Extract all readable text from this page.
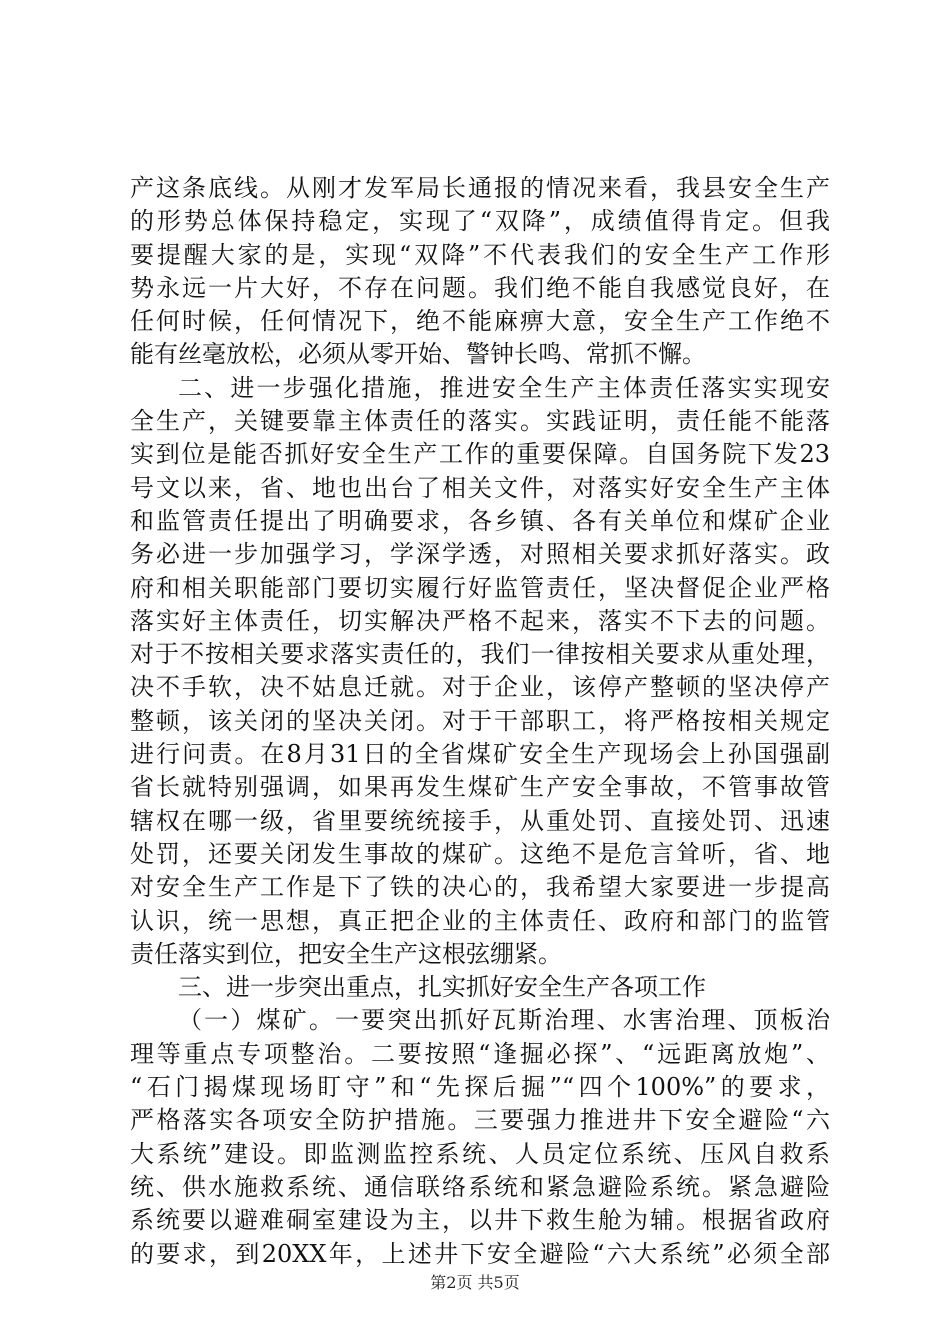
产这条底线。从刚才发军局长通报的情况来看，我县安全生产
的形势总体保持稳定，实现了“双降”，成绩值得肯定。但我
要提醒大家的是，实现“双降”不代表我们的安全生产工作形
势永远一片大好，不存在问题。我们绝不能自我感觉良好，在
任何时候，任何情况下，绝不能麻痹大意，安全生产工作绝不
能有丝毫放松，必须从零开始、警钟长鸣、常抓不懈。
二、进一步强化措施，推进安全生产主体责任落实实现安
全生产，关键要靠主体责任的落实。实践证明，责任能不能落
实到位是能否抓好安全生产工作的重要保障。自国务院下发23
号文以来，省、地也出台了相关文件，对落实好安全生产主体
和监管责任提出了明确要求，各乡镇、各有关单位和煤矿企业
务必进一步加强学习，学深学透，对照相关要求抓好落实。政
府和相关职能部门要切实履行好监管责任，坚决督促企业严格
落实好主体责任，切实解决严格不起来，落实不下去的问题。
对于不按相关要求落实责任的，我们一律按相关要求从重处理，
决不手软，决不姑息迁就。对于企业，该停产整顿的坚决停产
整顿，该关闭的坚决关闭。对于干部职工，将严格按相关规定
进行问责。在8月31日的全省煤矿安全生产现场会上孙国强副
省长就特别强调，如果再发生煤矿生产安全事故，不管事故管
辖权在哪一级，省里要统统接手，从重处罚、直接处罚、迅速
处罚，还要关闭发生事故的煤矿。这绝不是危言耸听，省、地
对安全生产工作是下了铁的决心的，我希望大家要进一步提高
认识，统一思想，真正把企业的主体责任、政府和部门的监管
责任落实到位，把安全生产这根弦绷紧。
三、进一步突出重点，扎实抓好安全生产各项工作
（一）煤矿。一要突出抓好瓦斯治理、水害治理、顶板治
理等重点专项整治。二要按照“逢掘必探”、“远距离放炮”、
“石门揭煤现场盯守”和“先探后掘”“四个100%”的要求，
严格落实各项安全防护措施。三要强力推进井下安全避险“六
大系统”建设。即监测监控系统、人员定位系统、压风自救系
统、供水施救系统、通信联络系统和紧急避险系统。紧急避险
系统要以避难硐室建设为主，以井下救生舱为辅。根据省政府
的要求，到20XX年，上述井下安全避险“六大系统”必须全部
第2页 共5页
